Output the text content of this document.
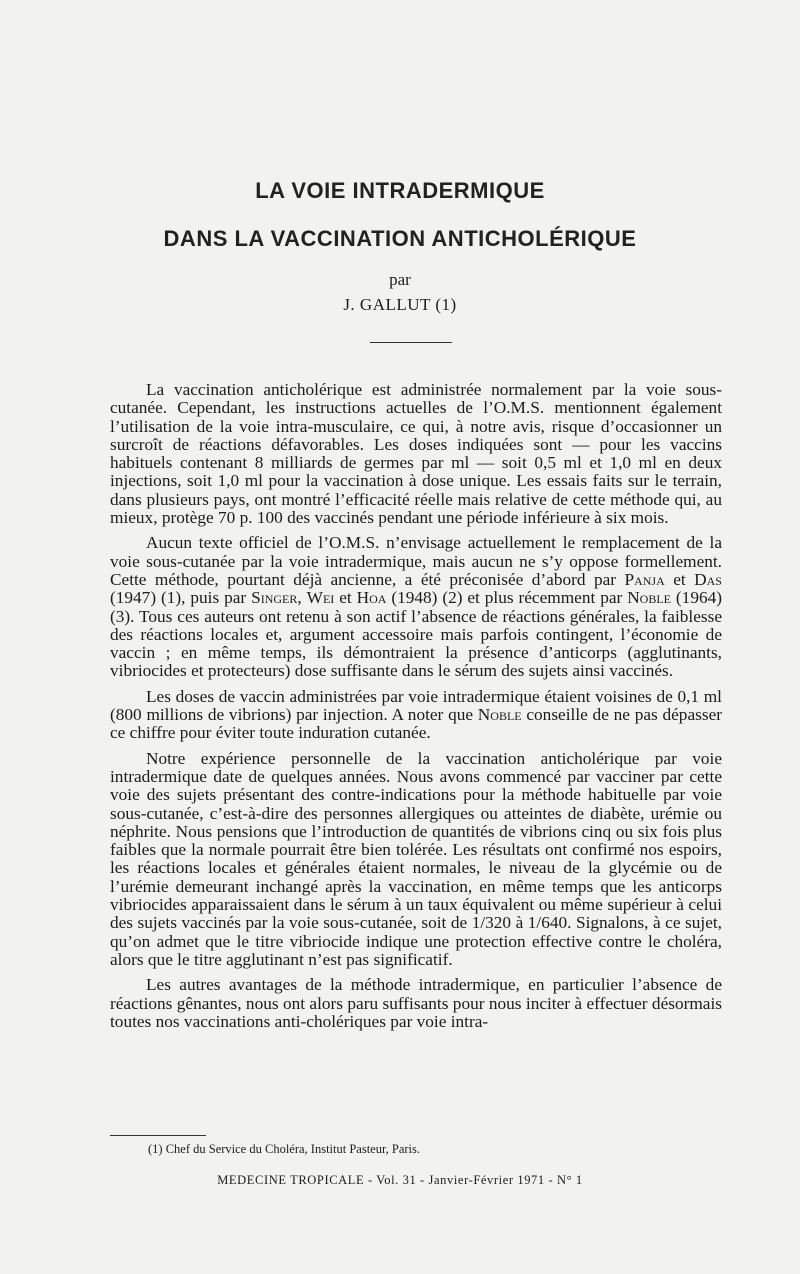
LA VOIE INTRADERMIQUE
DANS LA VACCINATION ANTICHOLÉRIQUE
par
J. GALLUT (1)

La vaccination anticholérique est administrée normalement par la voie sous-cutanée. Cependant, les instructions actuelles de l’O.M.S. mentionnent également l’utilisation de la voie intra-musculaire, ce qui, à notre avis, risque d’occasionner un surcroît de réactions défavorables. Les doses indiquées sont — pour les vaccins habituels contenant 8 milliards de germes par ml — soit 0,5 ml et 1,0 ml en deux injections, soit 1,0 ml pour la vaccination à dose unique. Les essais faits sur le terrain, dans plusieurs pays, ont montré l’efficacité réelle mais relative de cette méthode qui, au mieux, protège 70 p. 100 des vaccinés pendant une période inférieure à six mois.

Aucun texte officiel de l’O.M.S. n’envisage actuellement le remplacement de la voie sous-cutanée par la voie intradermique, mais aucun ne s’y oppose formellement. Cette méthode, pourtant déjà ancienne, a été préconisée d’abord par Panja et Das (1947) (1), puis par Singer, Wei et Hoa (1948) (2) et plus récemment par Noble (1964) (3). Tous ces auteurs ont retenu à son actif l’absence de réactions générales, la faiblesse des réactions locales et, argument accessoire mais parfois contingent, l’économie de vaccin ; en même temps, ils démontraient la présence d’anticorps (agglutinants, vibriocides et protecteurs) dose suffisante dans le sérum des sujets ainsi vaccinés.

Les doses de vaccin administrées par voie intradermique étaient voisines de 0,1 ml (800 millions de vibrions) par injection. A noter que Noble conseille de ne pas dépasser ce chiffre pour éviter toute induration cutanée.

Notre expérience personnelle de la vaccination anticholérique par voie intradermique date de quelques années. Nous avons commencé par vacciner par cette voie des sujets présentant des contre-indications pour la méthode habituelle par voie sous-cutanée, c’est-à-dire des personnes allergiques ou atteintes de diabète, urémie ou néphrite. Nous pensions que l’introduction de quantités de vibrions cinq ou six fois plus faibles que la normale pourrait être bien tolérée. Les résultats ont confirmé nos espoirs, les réactions locales et générales étaient normales, le niveau de la glycémie ou de l’urémie demeurant inchangé après la vaccination, en même temps que les anticorps vibriocides apparaissaient dans le sérum à un taux équivalent ou même supérieur à celui des sujets vaccinés par la voie sous-cutanée, soit de 1/320 à 1/640. Signalons, à ce sujet, qu’on admet que le titre vibriocide indique une protection effective contre le choléra, alors que le titre agglutinant n’est pas significatif.

Les autres avantages de la méthode intradermique, en particulier l’absence de réactions gênantes, nous ont alors paru suffisants pour nous inciter à effectuer désormais toutes nos vaccinations anti-cholériques par voie intra-

(1) Chef du Service du Choléra, Institut Pasteur, Paris.
MEDECINE TROPICALE - Vol. 31 - Janvier-Février 1971 - N° 1
